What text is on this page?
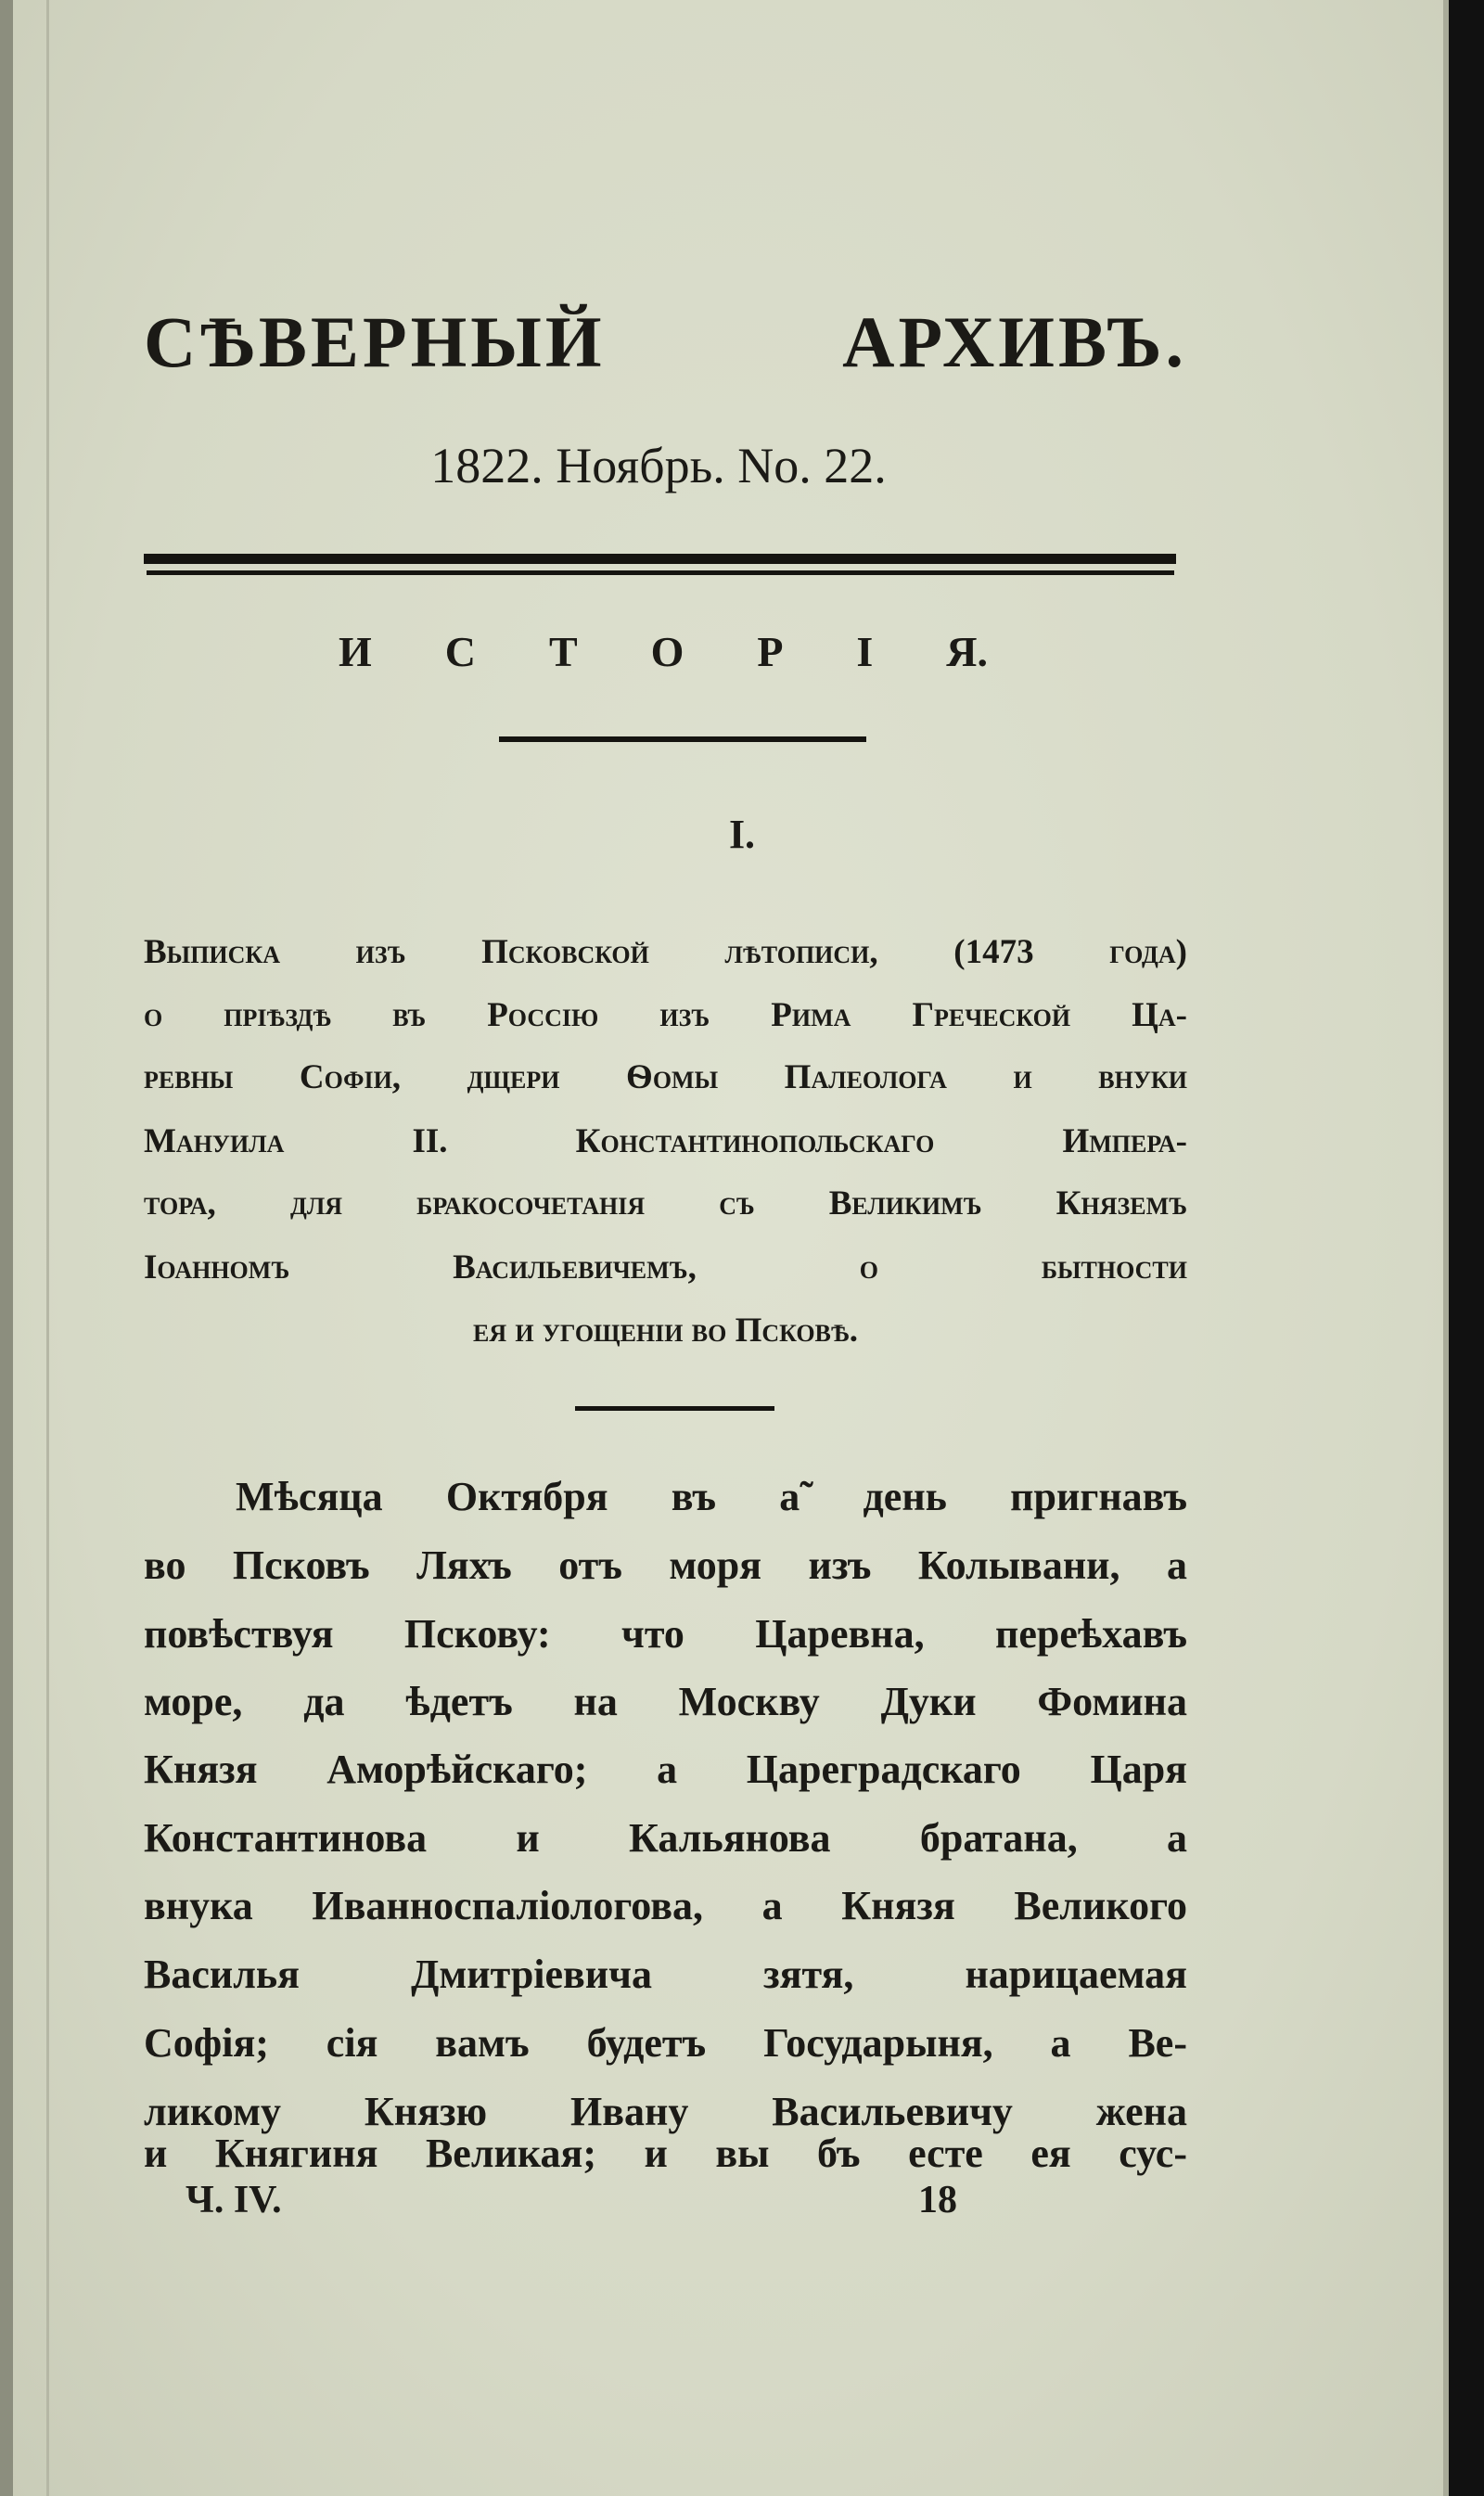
СѢВЕРНЫЙ АРХИВЪ.
1822. Ноябрь. No. 22.
И С Т О Р І Я.
I.
Выписка изъ Псковской лѣтописи, (1473 года)
о прiѣздѣ въ Россiю изъ Рима Греческой Ца-
ревны Софiи, дщери Ѳомы Палеолога и внуки
Мануила II. Константинопольскаго Импера-
тора, для бракосочетанiя съ Великимъ Княземъ
Iоанномъ Васильевичемъ, о бытности
ея и угощенiи во Псковѣ.
Мѣсяца Октября въ а̃ день пригнавъ
во Псковъ Ляхъ отъ моря изъ Колывани, а
повѣствуя Пскову: что Царевна, переѣхавъ
море, да ѣдетъ на Москву Дуки Фомина
Князя Аморѣйскаго; а Цареградскаго Царя
Константинова и Кальянова братана, а
внука Иванноспалiологова, а Князя Великого
Василья Дмитрiевича зятя, нарицаемая
Софiя; сiя вамъ будетъ Государыня, а Ве-
ликому Князю Ивану Васильевичу жена
и Княгиня Великая; и вы бъ есте ея сус-
Ч. IV.	18
